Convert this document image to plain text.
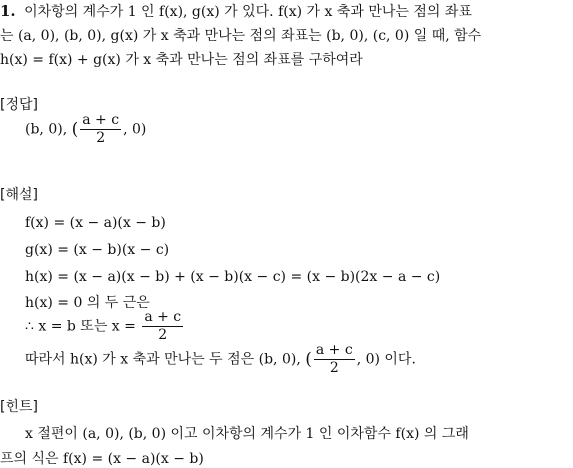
1. 이차항의 계수가 1 인 f(x), g(x) 가 있다. f(x) 가 x 축과 만나는 점의 좌표
는 (a, 0), (b, 0), g(x) 가 x 축과 만나는 점의 좌표는 (b, 0), (c, 0) 일 때, 함수
h(x) = f(x) + g(x) 가 x 축과 만나는 점의 좌표를 구하여라
[정답]
(b, 0), ( $\frac{a + c}{2}$ , 0)
[해설]
f(x) = (x − a)(x − b)
g(x) = (x − b)(x − c)
h(x) = (x − a)(x − b) + (x − b)(x − c) = (x − b)(2x − a − c)
h(x) = 0 의 두 근은
∴ x = b 또는 $x = \frac{a + c}{2}$
따라서 h(x) 가 x 축과 만나는 두 점은 (b, 0), ( $\frac{a + c}{2}$ , 0) 이다.
[힌트]
x 절편이 (a, 0), (b, 0) 이고 이차항의 계수가 1 인 이차함수 f(x) 의 그래
프의 식은 f(x) = (x − a)(x − b)
